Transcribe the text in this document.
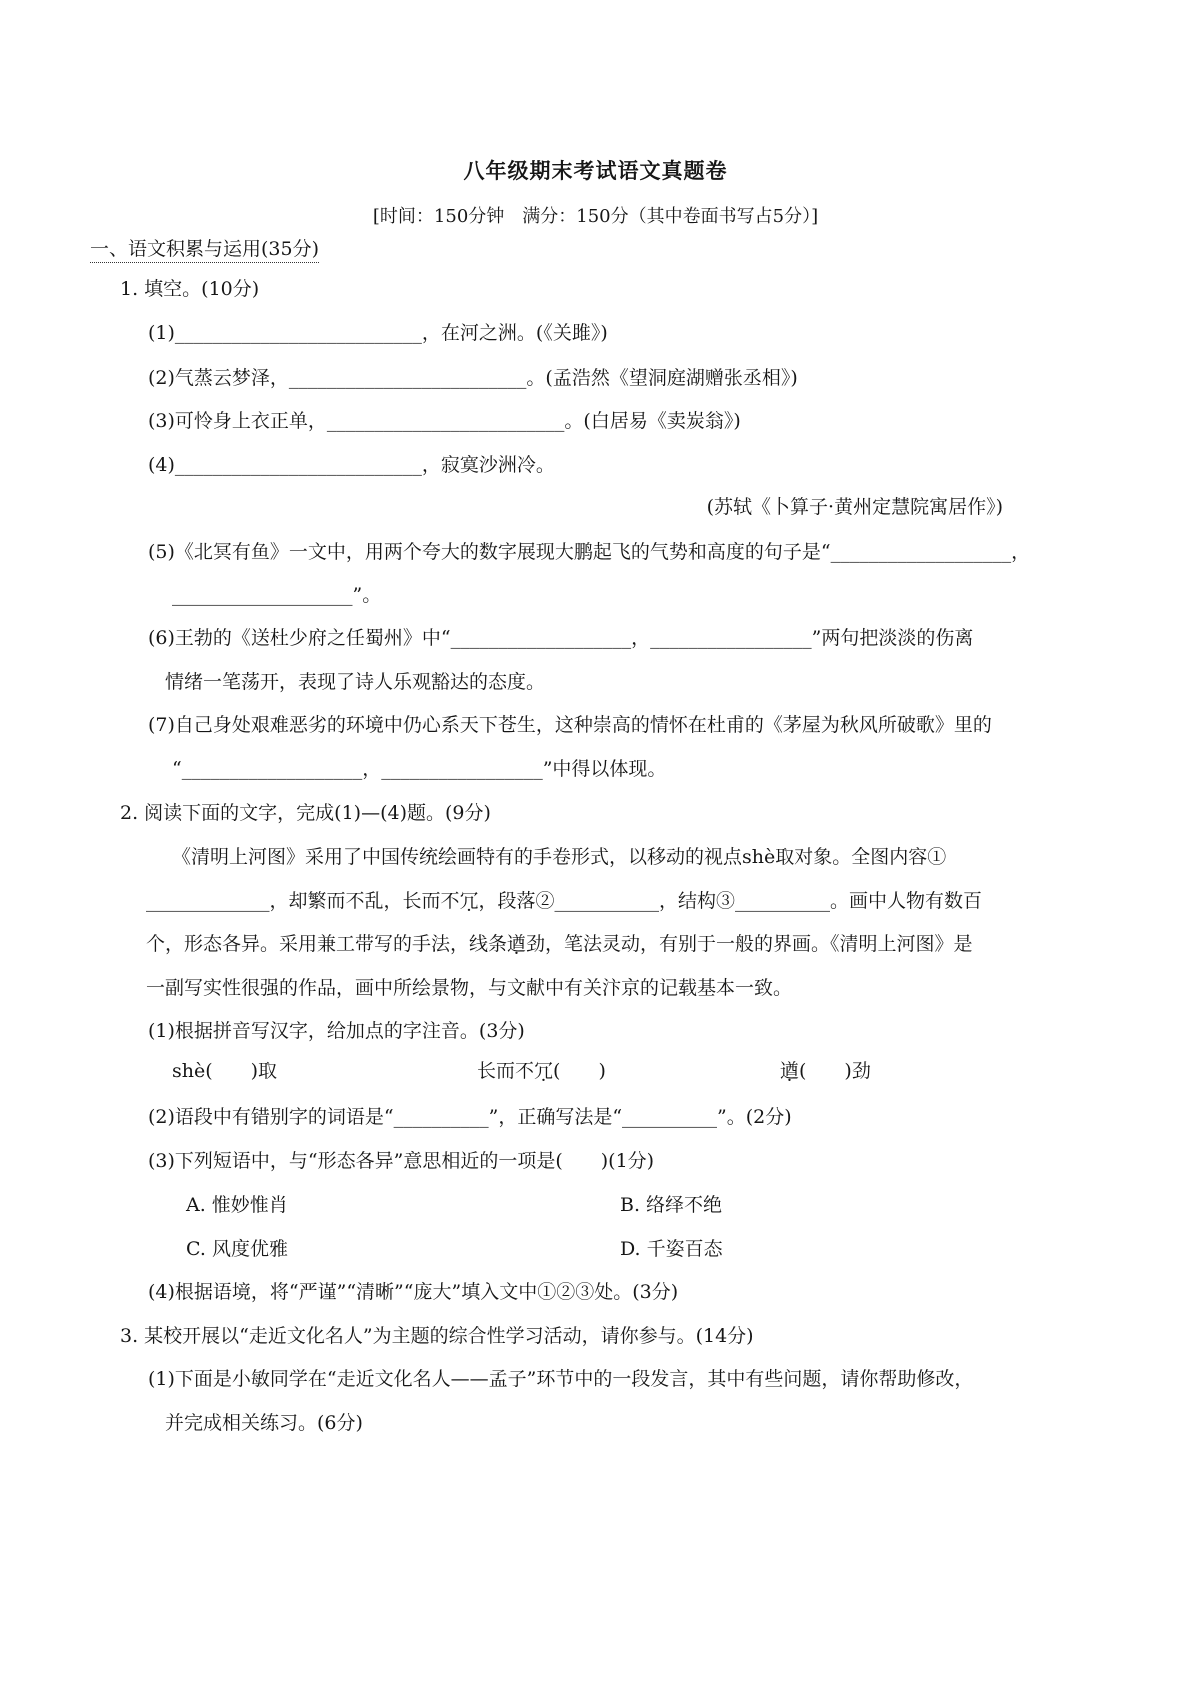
八年级期末考试语文真题卷
[时间：150分钟　满分：150分（其中卷面书写占5分）]
一、语文积累与运用(35分)
1. 填空。(10分)
(1)__________________________，在河之洲。(《关雎》)
(2)气蒸云梦泽，_________________________。(孟浩然《望洞庭湖赠张丞相》)
(3)可怜身上衣正单，_________________________。(白居易《卖炭翁》)
(4)__________________________，寂寞沙洲冷。
(苏轼《卜算子·黄州定慧院寓居作》)
(5)《北冥有鱼》一文中，用两个夸大的数字展现大鹏起飞的气势和高度的句子是“___________________，
___________________”。
(6)王勃的《送杜少府之任蜀州》中“___________________，_________________”两句把淡淡的伤离
情绪一笔荡开，表现了诗人乐观豁达的态度。
(7)自己身处艰难恶劣的环境中仍心系天下苍生，这种崇高的情怀在杜甫的《茅屋为秋风所破歌》里的
“___________________，_________________”中得以体现。
2. 阅读下面的文字，完成(1)—(4)题。(9分)
《清明上河图》采用了中国传统绘画特有的手卷形式，以移动的视点shè取对象。全图内容①
_____________，却繁而不乱，长而不冗，段落②___________，结构③__________。画中人物有数百
个，形态各异。采用兼工带写的手法，线条遒劲，笔法灵动，有别于一般的界画。《清明上河图》是
一副写实性很强的作品，画中所绘景物，与文献中有关汴京的记载基本一致。
(1)根据拼音写汉字，给加点的字注音。(3分)
shè(　　)取	长而不冗(　　)	遒(　　)劲
(2)语段中有错别字的词语是“__________”，正确写法是“__________”。(2分)
(3)下列短语中，与“形态各异”意思相近的一项是(　　)(1分)
A. 惟妙惟肖	B. 络绎不绝
C. 风度优雅	D. 千姿百态
(4)根据语境，将“严谨”“清晰”“庞大”填入文中①②③处。(3分)
3. 某校开展以“走近文化名人”为主题的综合性学习活动，请你参与。(14分)
(1)下面是小敏同学在“走近文化名人——孟子”环节中的一段发言，其中有些问题，请你帮助修改，
并完成相关练习。(6分)
